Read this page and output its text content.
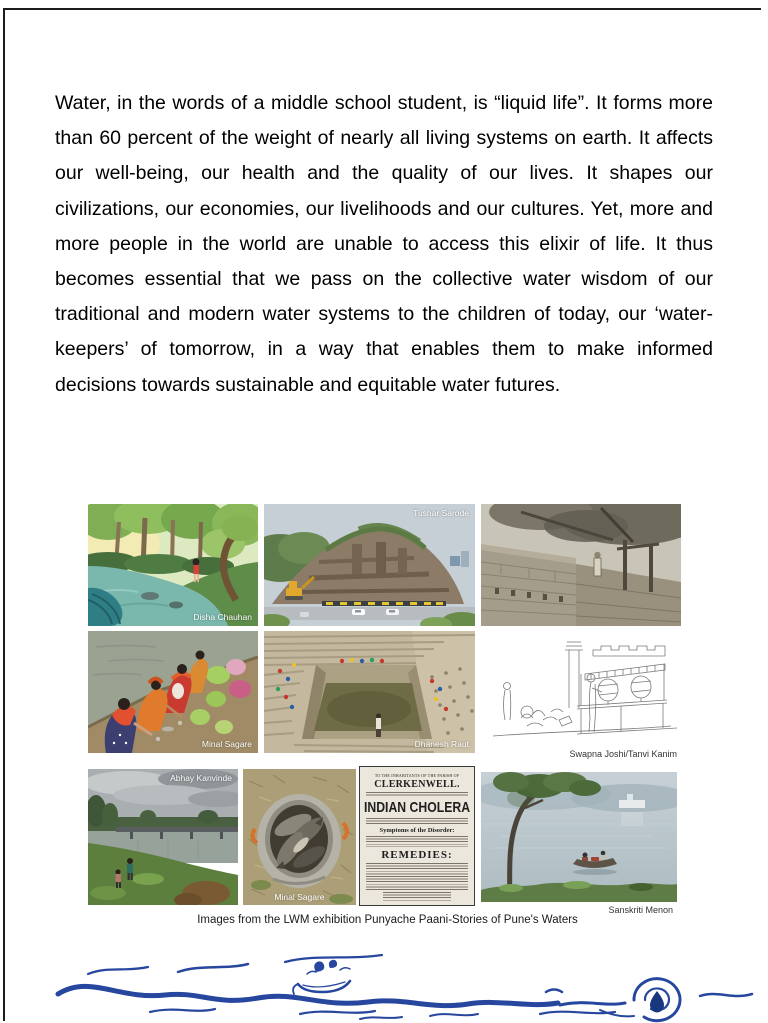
Water, in the words of a middle school student, is “liquid life”. It forms more than 60 percent of the weight of nearly all living systems on earth. It affects our well-being, our health and the quality of our lives. It shapes our civilizations, our economies, our livelihoods and our cultures. Yet, more and more people in the world are unable to access this elixir of life. It thus becomes essential that we pass on the collective water wisdom of our traditional and modern water systems to the children of today, our ‘water-keepers’ of tomorrow, in a way that enables them to make informed decisions towards sustainable and equitable water futures.

Disha Chauhan
Tushar Sarode
Minal Sagare	Dhanesh Raut
Swapna Joshi/Tanvi Kanim
Abhay Kanvinde
Minal Sagare
TO THE INHABITANTS OF THE PARISH OF
CLERKENWELL.
INDIAN CHOLERA
Symptoms of the Disorder:
REMEDIES:
Sanskriti Menon
Images from the LWM exhibition Punyache Paani-Stories of Pune's Waters
